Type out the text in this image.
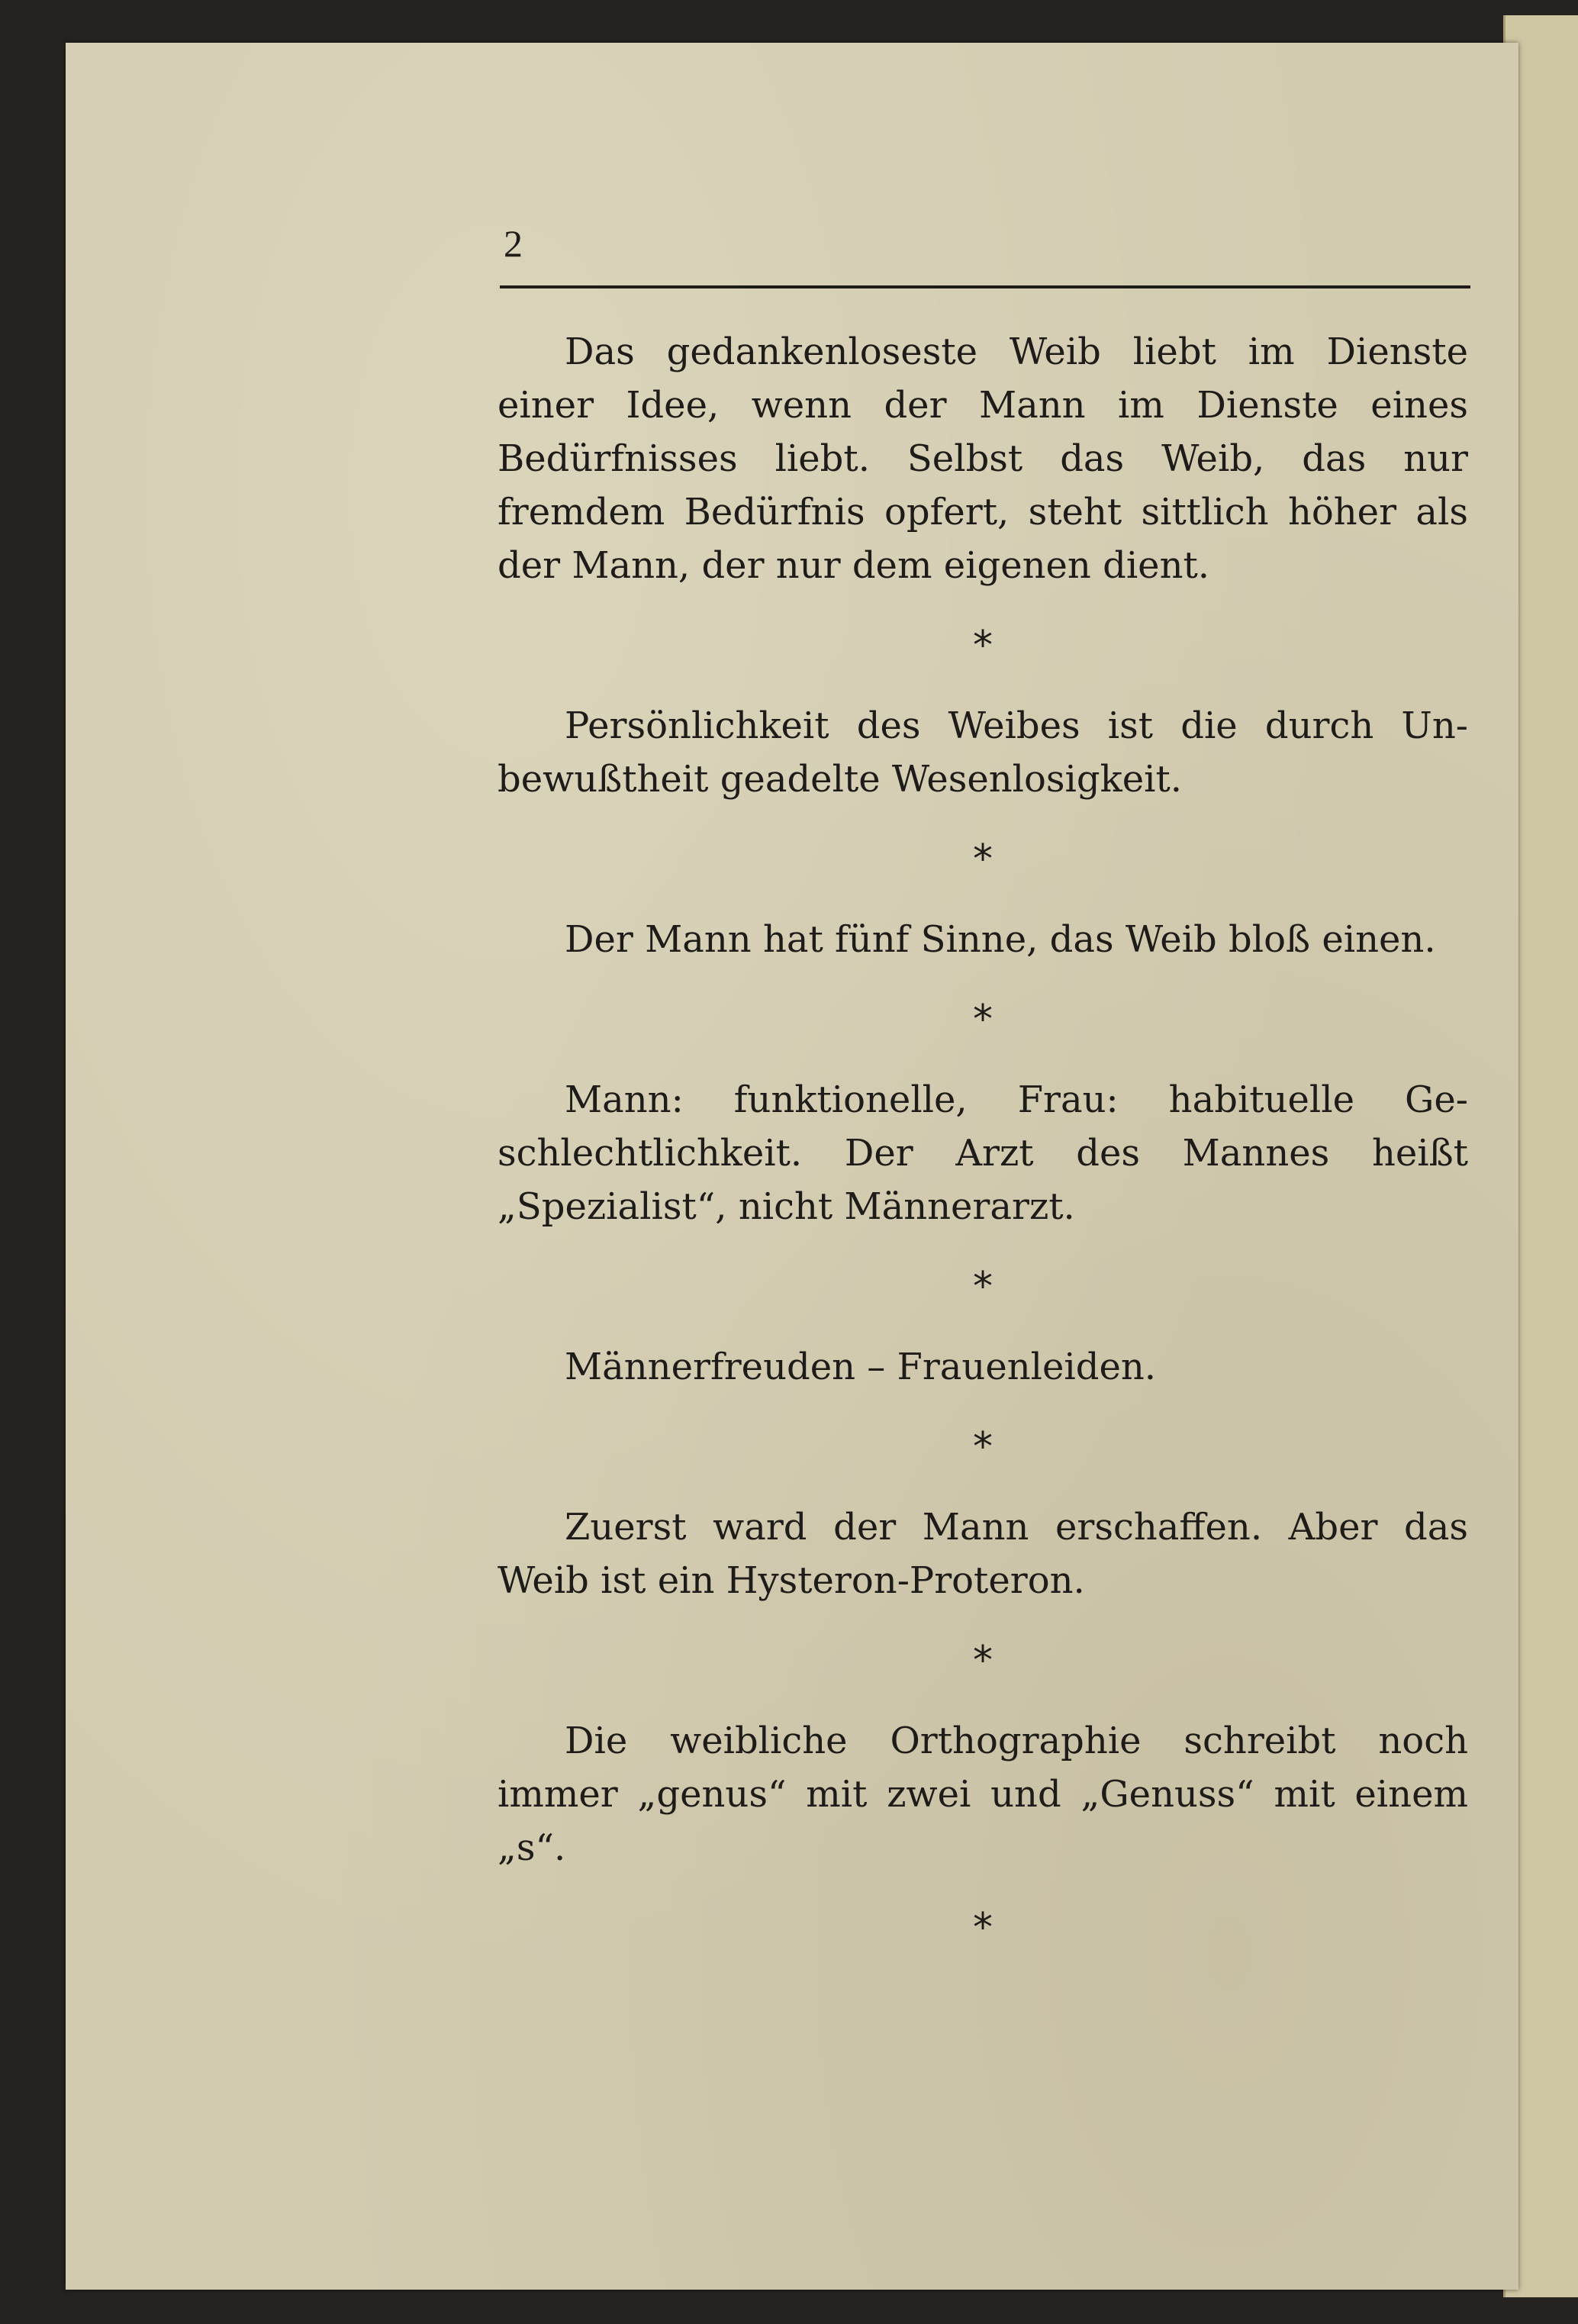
2

Das gedankenloseste Weib liebt im Dienste einer Idee, wenn der Mann im Dienste eines Bedürfnisses liebt. Selbst das Weib, das nur fremdem Bedürfnis opfert, steht sittlich höher als der Mann, der nur dem eigenen dient.

*

Persönlichkeit des Weibes ist die durch Unbewußtheit geadelte Wesenlosigkeit.

*

Der Mann hat fünf Sinne, das Weib bloß einen.

*

Mann: funktionelle, Frau: habituelle Geschlechtlichkeit. Der Arzt des Mannes heißt „Spezialist“, nicht Männerarzt.

*

Männerfreuden – Frauenleiden.

*

Zuerst ward der Mann erschaffen. Aber das Weib ist ein Hysteron-Proteron.

*

Die weibliche Orthographie schreibt noch immer „genus“ mit zwei und „Genuss“ mit einem „s“.

*
